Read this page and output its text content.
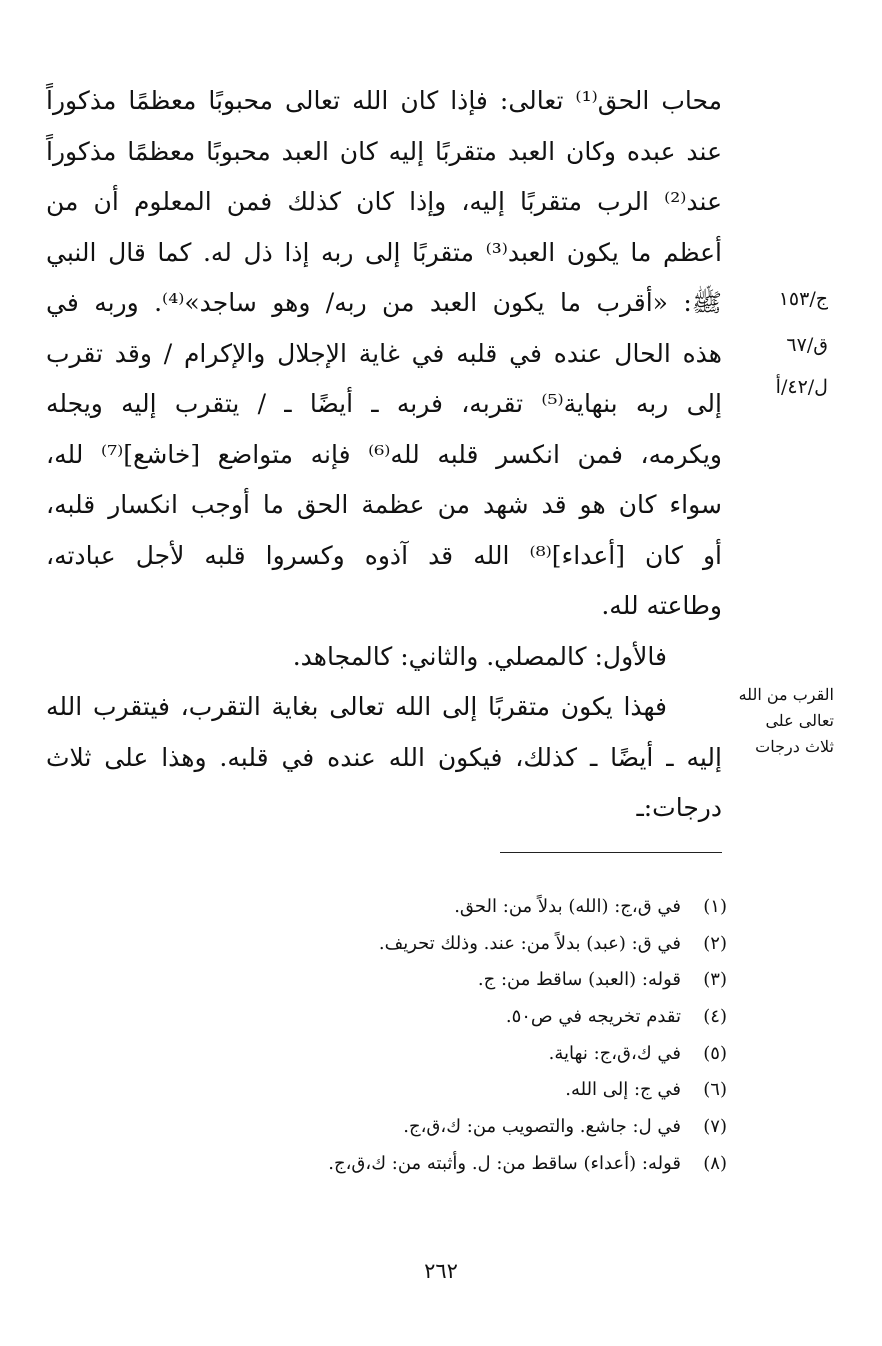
محاب الحق⁽¹⁾ تعالى: فإذا كان الله تعالى محبوبًا معظمًا مذكوراً
عند عبده وكان العبد متقربًا إليه كان العبد محبوبًا معظمًا مذكوراً
عند⁽²⁾ الرب متقربًا إليه، وإذا كان كذلك فمن المعلوم أن من
أعظم ما يكون العبد⁽³⁾ متقربًا إلى ربه إذا ذل له. كما قال النبي
ﷺ: «أقرب ما يكون العبد من ربه/ وهو ساجد»⁽⁴⁾. وربه في
هذه الحال عنده في قلبه في غاية الإجلال والإكرام / وقد تقرب
إلى ربه بنهاية⁽⁵⁾ تقربه، فربه ـ أيضًا ـ / يتقرب إليه ويجله
ويكرمه، فمن انكسر قلبه لله⁽⁶⁾ فإنه متواضع [خاشع]⁽⁷⁾ لله،
سواء كان هو قد شهد من عظمة الحق ما أوجب انكسار قلبه،
أو كان [أعداء]⁽⁸⁾ الله قد آذوه وكسروا قلبه لأجل عبادته،
وطاعته لله.
فالأول: كالمصلي. والثاني: كالمجاهد.
فهذا يكون متقربًا إلى الله تعالى بغاية التقرب، فيتقرب الله
إليه ـ أيضًا ـ كذلك، فيكون الله عنده في قلبه. وهذا على ثلاث
درجات:ـ
ج/١٥٣
ق/٦٧
ل/٤٢/أ
القرب من الله
تعالى على
ثلاث درجات
(١)في ق،ج: (الله) بدلاً من: الحق.
(٢)في ق: (عبد) بدلاً من: عند. وذلك تحريف.
(٣)قوله: (العبد) ساقط من: ج.
(٤)تقدم تخريجه في ص٥٠.
(٥)في ك،ق،ج: نهاية.
(٦)في ج: إلى الله.
(٧)في ل: جاشع. والتصويب من: ك،ق،ج.
(٨)قوله: (أعداء) ساقط من: ل. وأثبته من: ك،ق،ج.
٢٦٢
